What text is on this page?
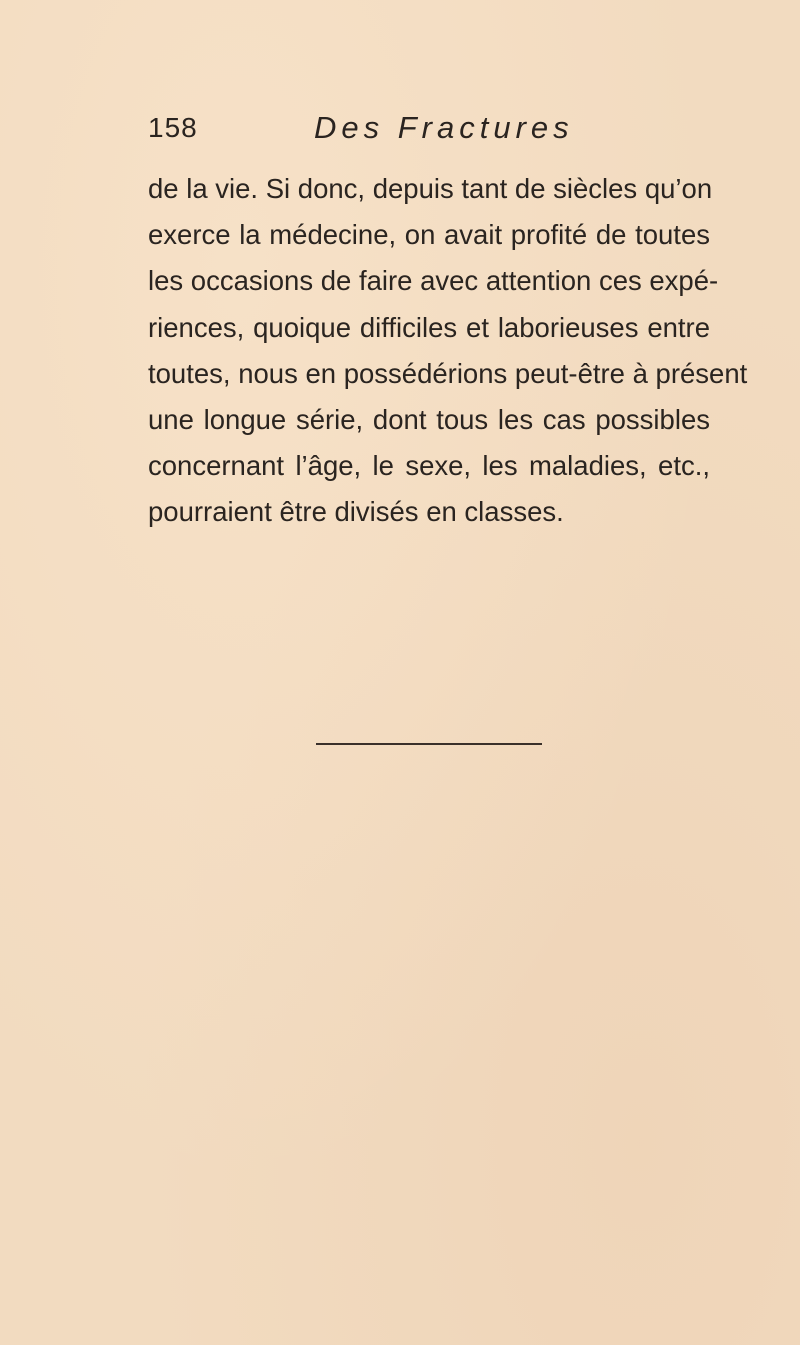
158	Des Fractures

de la vie. Si donc, depuis tant de siècles qu’on
exerce la médecine, on avait profité de toutes
les occasions de faire avec attention ces expé-
riences, quoique difficiles et laborieuses entre
toutes, nous en possédérions peut-être à présent
une longue série, dont tous les cas possibles
concernant l’âge, le sexe, les maladies, etc.,
pourraient être divisés en classes.
